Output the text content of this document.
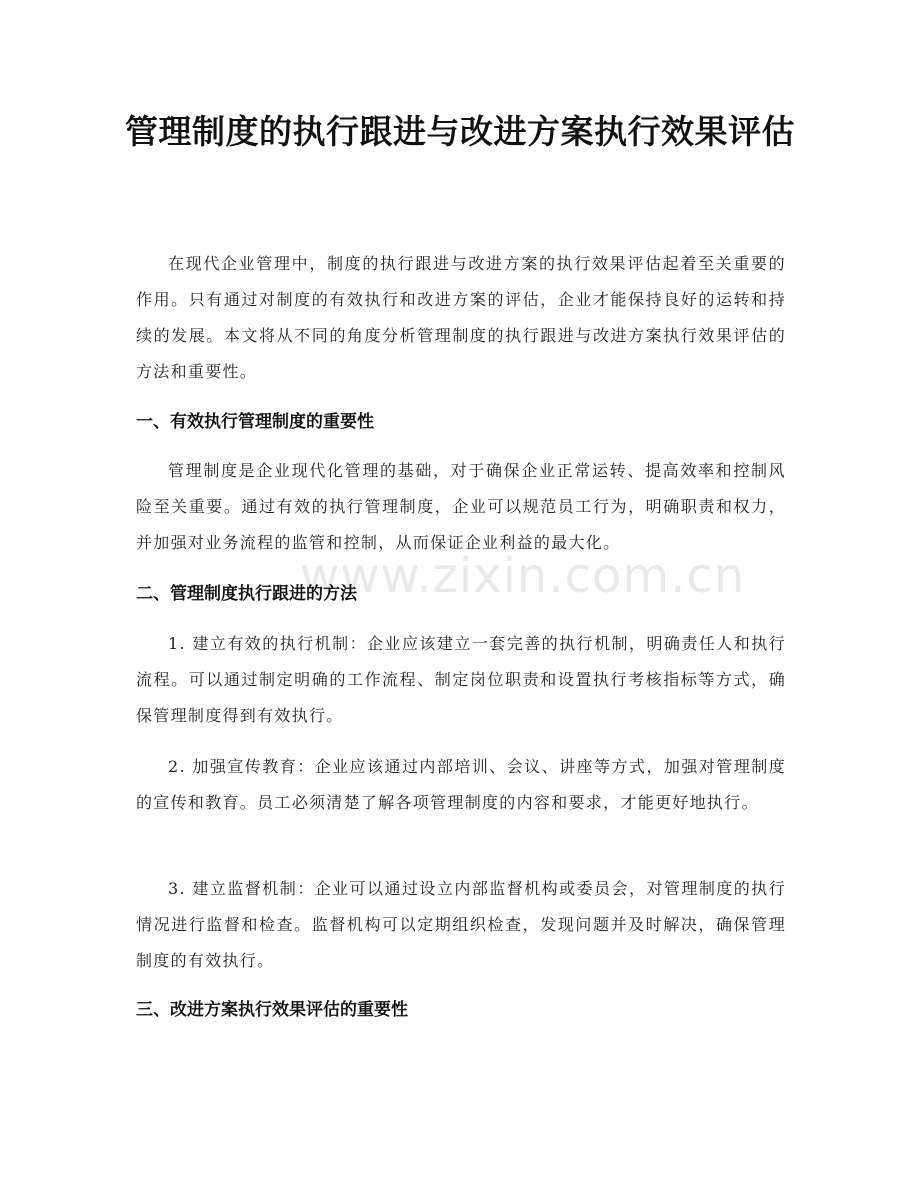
www.zixin.com.cn
管理制度的执行跟进与改进方案执行效果评估

在现代企业管理中，制度的执行跟进与改进方案的执行效果评估起着至关重要的作用。只有通过对制度的有效执行和改进方案的评估，企业才能保持良好的运转和持续的发展。本文将从不同的角度分析管理制度的执行跟进与改进方案执行效果评估的方法和重要性。

一、有效执行管理制度的重要性

管理制度是企业现代化管理的基础，对于确保企业正常运转、提高效率和控制风险至关重要。通过有效的执行管理制度，企业可以规范员工行为，明确职责和权力，并加强对业务流程的监管和控制，从而保证企业利益的最大化。

二、管理制度执行跟进的方法

1. 建立有效的执行机制：企业应该建立一套完善的执行机制，明确责任人和执行流程。可以通过制定明确的工作流程、制定岗位职责和设置执行考核指标等方式，确保管理制度得到有效执行。

2. 加强宣传教育：企业应该通过内部培训、会议、讲座等方式，加强对管理制度的宣传和教育。员工必须清楚了解各项管理制度的内容和要求，才能更好地执行。

3. 建立监督机制：企业可以通过设立内部监督机构或委员会，对管理制度的执行情况进行监督和检查。监督机构可以定期组织检查，发现问题并及时解决，确保管理制度的有效执行。

三、改进方案执行效果评估的重要性
